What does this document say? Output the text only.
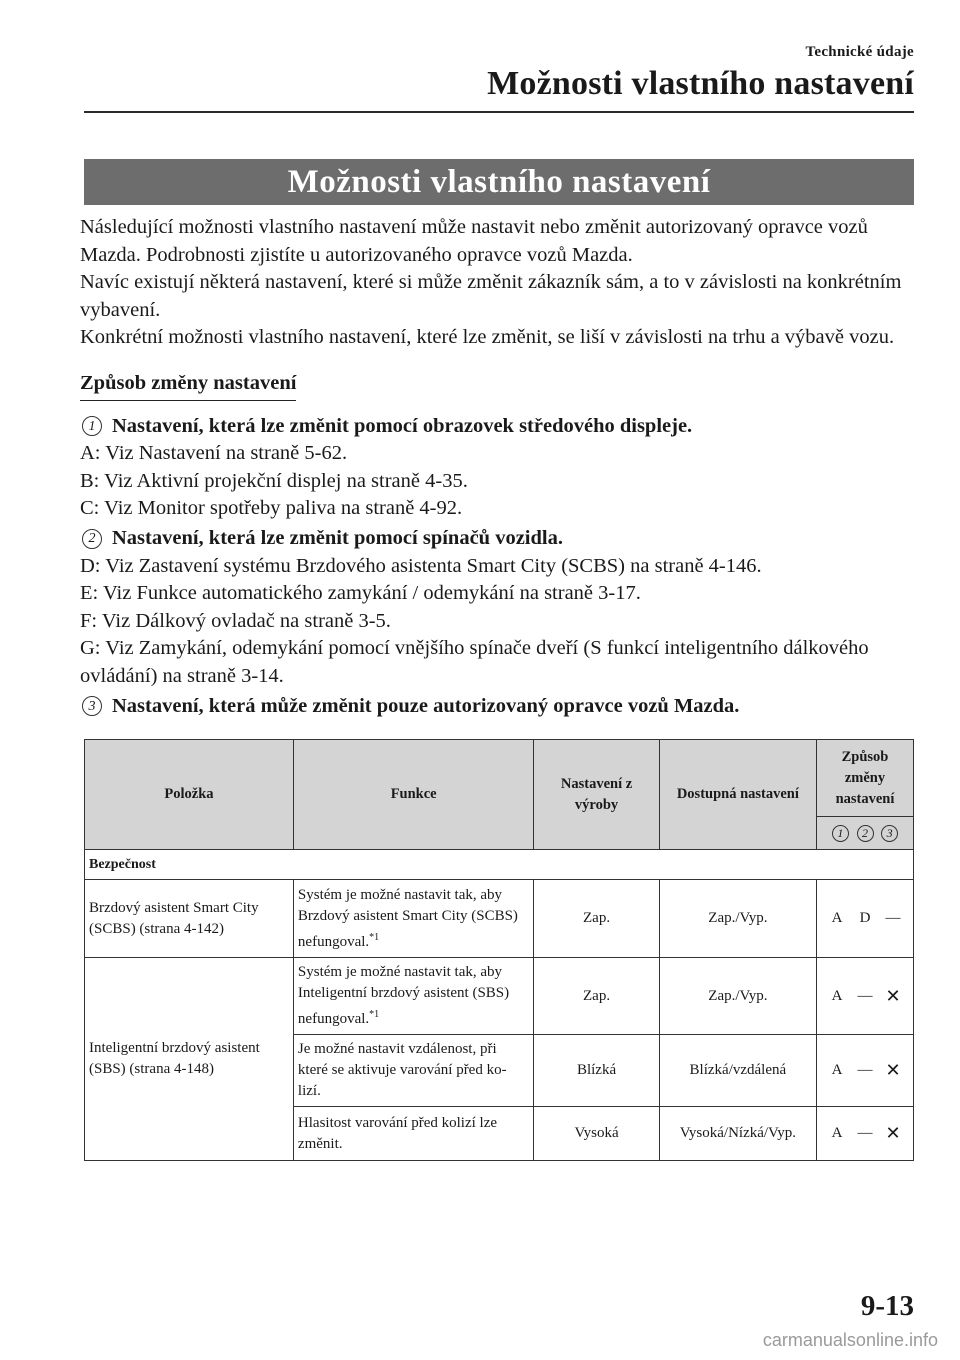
Technické údaje
Možnosti vlastního nastavení
Možnosti vlastního nastavení

Následující možnosti vlastního nastavení může nastavit nebo změnit autorizovaný opravce vozů Mazda. Podrobnosti zjistíte u autorizovaného opravce vozů Mazda.

Navíc existují některá nastavení, které si může změnit zákazník sám, a to v závislosti na konkrétním vybavení.

Konkrétní možnosti vlastního nastavení, které lze změnit, se liší v závislosti na trhu a výbavě vozu.

Způsob změny nastavení
1 Nastavení, která lze změnit pomocí obrazovek středového displeje.

A: Viz Nastavení na straně 5-62.

B: Viz Aktivní projekční displej na straně 4-35.

C: Viz Monitor spotřeby paliva na straně 4-92.

2 Nastavení, která lze změnit pomocí spínačů vozidla.

D: Viz Zastavení systému Brzdového asistenta Smart City (SCBS) na straně 4-146.

E: Viz Funkce automatického zamykání / odemykání na straně 3-17.

F: Viz Dálkový ovladač na straně 3-5.

G: Viz Zamykání, odemykání pomocí vnějšího spínače dveří (S funkcí inteligentního dálkového ovládání) na straně 3-14.

3 Nastavení, která může změnit pouze autorizovaný opravce vozů Mazda.
Položka	Funkce	Nastavení z výroby	Dostupná nastavení	Způsob změny nastavení
				1 2 3
Bezpečnost				
Brzdový asistent Smart City (SCBS) (strana 4-142)	Systém je možné nastavit tak, aby Brzdový asistent Smart City (SCBS) nefungoval.$^{*1}$	Zap.	Zap./Vyp.	A D —

Inteligentní brzdový asistent (SBS) (strana 4-148)	Systém je možné nastavit tak, aby Inteligentní brzdový asistent (SBS) nefungoval.$^{*1}$	Zap.	Zap./Vyp.	A — ✕

	Je možné nastavit vzdálenost, při které se aktivuje varování před ko-lizí.	Blízká	Blízká/vzdálená	A — ✕

	Hlasitost varování před kolizí lze změnit.	Vysoká	Vysoká/Nízká/Vyp.	A — ✕
9-13
carmanualsonline.info
